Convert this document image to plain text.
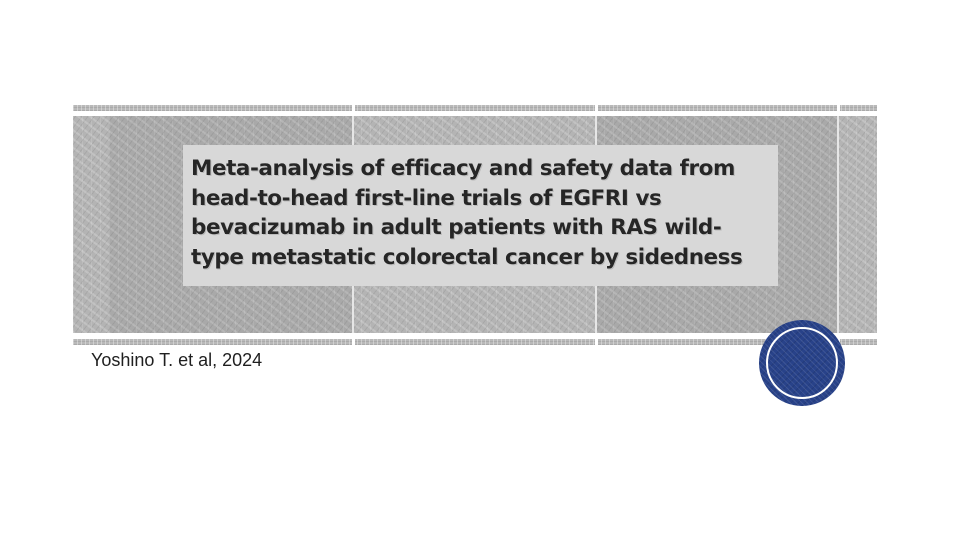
Meta-analysis of efficacy and safety data from head-to-head first-line trials of EGFRI vs bevacizumab in adult patients with RAS wild-type metastatic colorectal cancer by sidedness

Yoshino T. et al, 2024
